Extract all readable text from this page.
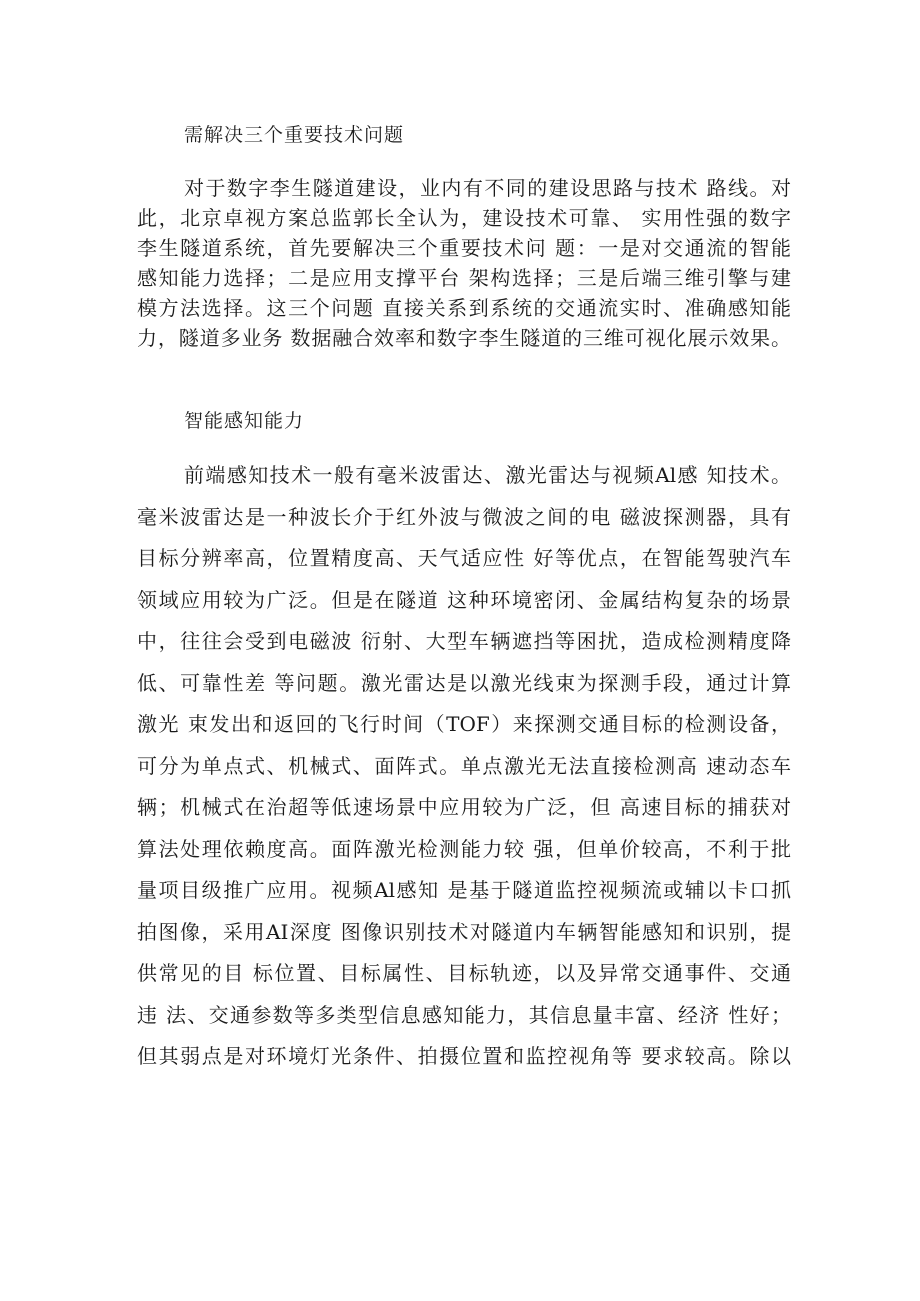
需解决三个重要技术问题
对于数字李生隧道建设，业内有不同的建设思路与技术 路线。对
此，北京卓视方案总监郭长全认为，建设技术可靠、 实用性强的数字
李生隧道系统，首先要解决三个重要技术问 题：一是对交通流的智能
感知能力选择；二是应用支撑平台 架构选择；三是后端三维引擎与建
模方法选择。这三个问题 直接关系到系统的交通流实时、准确感知能
力，隧道多业务 数据融合效率和数字李生隧道的三维可视化展示效果。
智能感知能力
前端感知技术一般有毫米波雷达、激光雷达与视频Al感 知技术。
毫米波雷达是一种波长介于红外波与微波之间的电 磁波探测器，具有
目标分辨率高，位置精度高、天气适应性 好等优点，在智能驾驶汽车
领域应用较为广泛。但是在隧道 这种环境密闭、金属结构复杂的场景
中，往往会受到电磁波 衍射、大型车辆遮挡等困扰，造成检测精度降
低、可靠性差 等问题。激光雷达是以激光线束为探测手段，通过计算
激光 束发出和返回的飞行时间（TOF）来探测交通目标的检测设备，
可分为单点式、机械式、面阵式。单点激光无法直接检测高 速动态车
辆；机械式在治超等低速场景中应用较为广泛，但 高速目标的捕获对
算法处理依赖度高。面阵激光检测能力较 强，但单价较高，不利于批
量项目级推广应用。视频Al感知 是基于隧道监控视频流或辅以卡口抓
拍图像，采用AI深度 图像识别技术对隧道内车辆智能感知和识别，提
供常见的目 标位置、目标属性、目标轨迹，以及异常交通事件、交通
违 法、交通参数等多类型信息感知能力，其信息量丰富、经济 性好；
但其弱点是对环境灯光条件、拍摄位置和监控视角等 要求较高。除以
